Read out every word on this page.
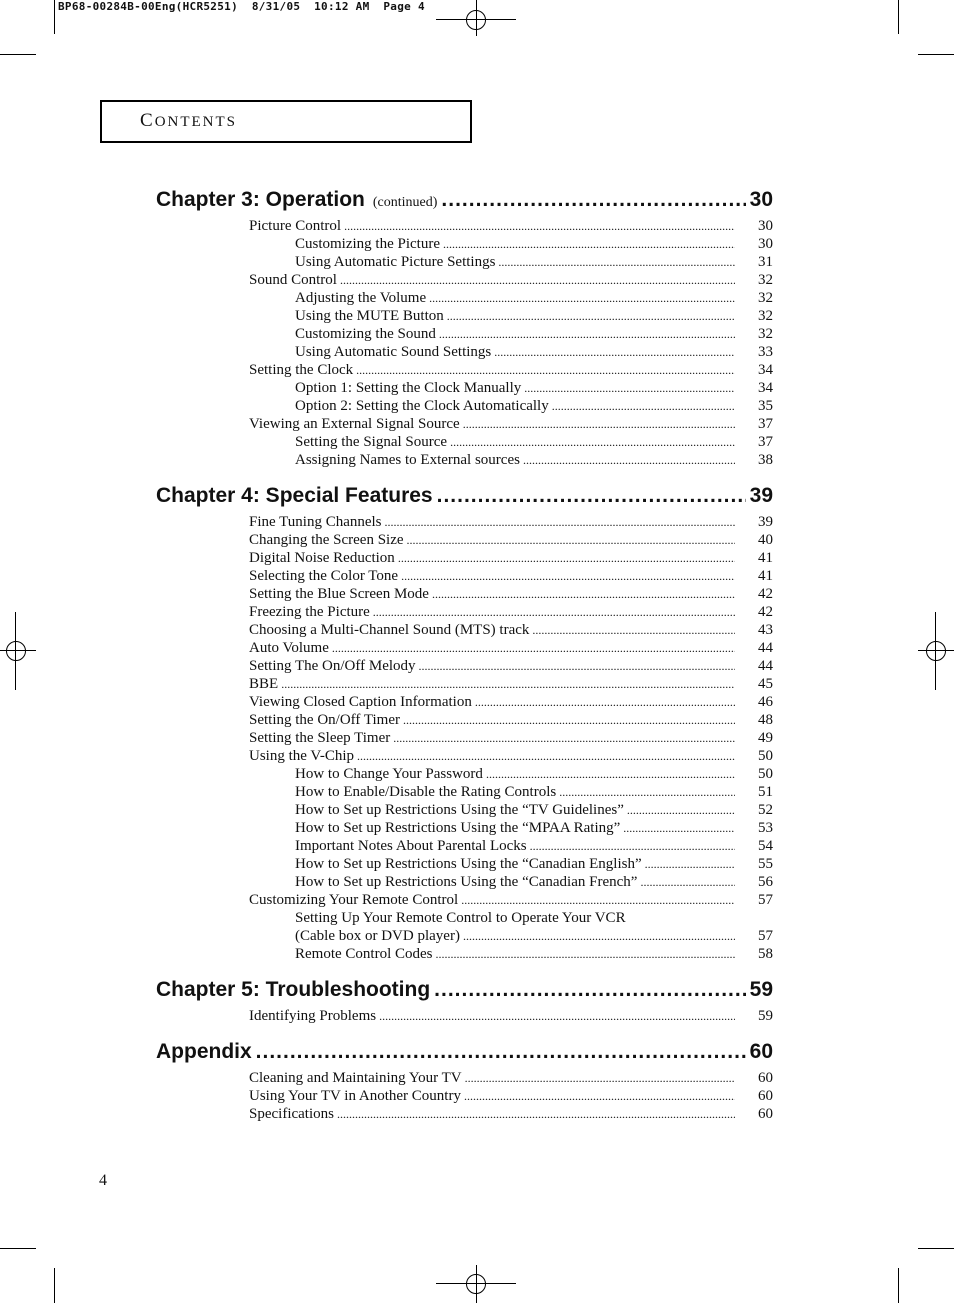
BP68-00284B-00Eng(HCR5251)  8/31/05  10:12 AM  Page 4
CONTENTS
Chapter 3: Operation (continued) .....	30
Picture Control .....	30
Customizing the Picture .....	30
Using Automatic Picture Settings .....	31
Sound Control .....	32
Adjusting the Volume .....	32
Using the MUTE Button .....	32
Customizing the Sound .....	32
Using Automatic Sound Settings .....	33
Setting the Clock .....	34
Option 1: Setting the Clock Manually .....	34
Option 2: Setting the Clock Automatically .....	35
Viewing an External Signal Source .....	37
Setting the Signal Source .....	37
Assigning Names to External sources .....	38
Chapter 4: Special Features .....	39
Fine Tuning Channels .....	39
Changing the Screen Size .....	40
Digital Noise Reduction .....	41
Selecting the Color Tone .....	41
Setting the Blue Screen Mode .....	42
Freezing the Picture .....	42
Choosing a Multi-Channel Sound (MTS) track .....	43
Auto Volume .....	44
Setting The On/Off Melody .....	44
BBE .....	45
Viewing Closed Caption Information .....	46
Setting the On/Off Timer .....	48
Setting the Sleep Timer .....	49
Using the V-Chip .....	50
How to Change Your Password .....	50
How to Enable/Disable the Rating Controls .....	51
How to Set up Restrictions Using the “TV Guidelines” .....	52
How to Set up Restrictions Using the “MPAA Rating” .....	53
Important Notes About Parental Locks .....	54
How to Set up Restrictions Using the “Canadian English” .....	55
How to Set up Restrictions Using the “Canadian French” .....	56
Customizing Your Remote Control .....	57
Setting Up Your Remote Control to Operate Your VCR
(Cable box or DVD player) .....	57
Remote Control Codes .....	58
Chapter 5: Troubleshooting .....	59
Identifying Problems .....	59
Appendix .....	60
Cleaning and Maintaining Your TV .....	60
Using Your TV in Another Country .....	60
Specifications .....	60
4
